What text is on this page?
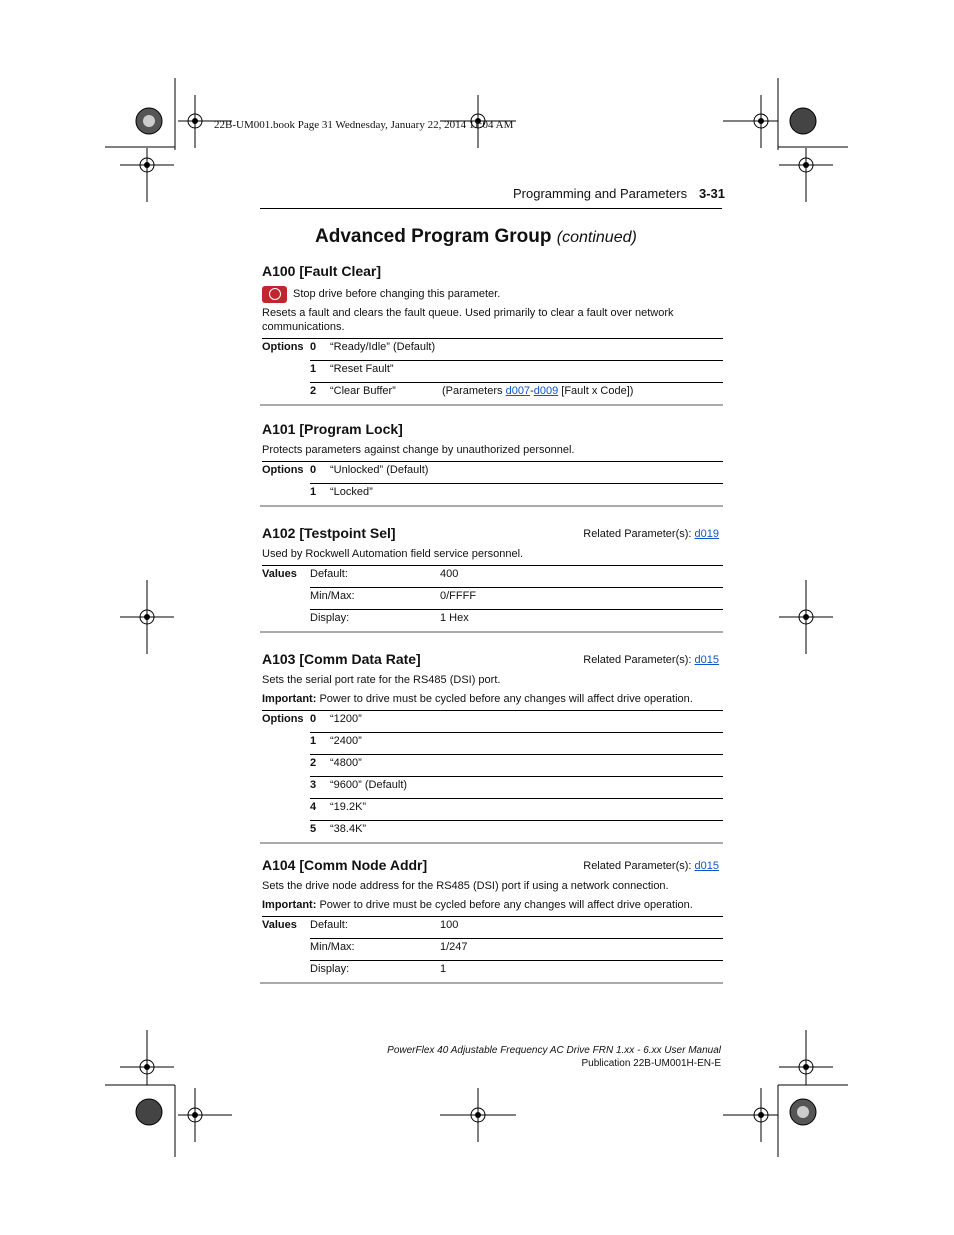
22B-UM001.book Page 31 Wednesday, January 22, 2014 11:04 AM
Programming and Parameters 3-31
Advanced Program Group (continued)
A100 [Fault Clear]
Stop drive before changing this parameter.
Resets a fault and clears the fault queue. Used primarily to clear a fault over network communications.
Options	0	“Ready/Idle” (Default)	
	1	“Reset Fault”	
	2	“Clear Buffer”	(Parameters d007-d009 [Fault x Code])
A101 [Program Lock]
Protects parameters against change by unauthorized personnel.
Options	0	“Unlocked” (Default)
	1	“Locked”
A102 [Testpoint Sel]	Related Parameter(s): d019
Used by Rockwell Automation field service personnel.
Values	Default:	400
	Min/Max:	0/FFFF
	Display:	1 Hex
A103 [Comm Data Rate]	Related Parameter(s): d015
Sets the serial port rate for the RS485 (DSI) port.
Important: Power to drive must be cycled before any changes will affect drive operation.
Options	0	“1200”
	1	“2400”
	2	“4800”
	3	“9600” (Default)
	4	“19.2K”
	5	“38.4K”
A104 [Comm Node Addr]	Related Parameter(s): d015
Sets the drive node address for the RS485 (DSI) port if using a network connection.
Important: Power to drive must be cycled before any changes will affect drive operation.
Values	Default:	100
	Min/Max:	1/247
	Display:	1
PowerFlex 40 Adjustable Frequency AC Drive FRN 1.xx - 6.xx User Manual
Publication 22B-UM001H-EN-E
